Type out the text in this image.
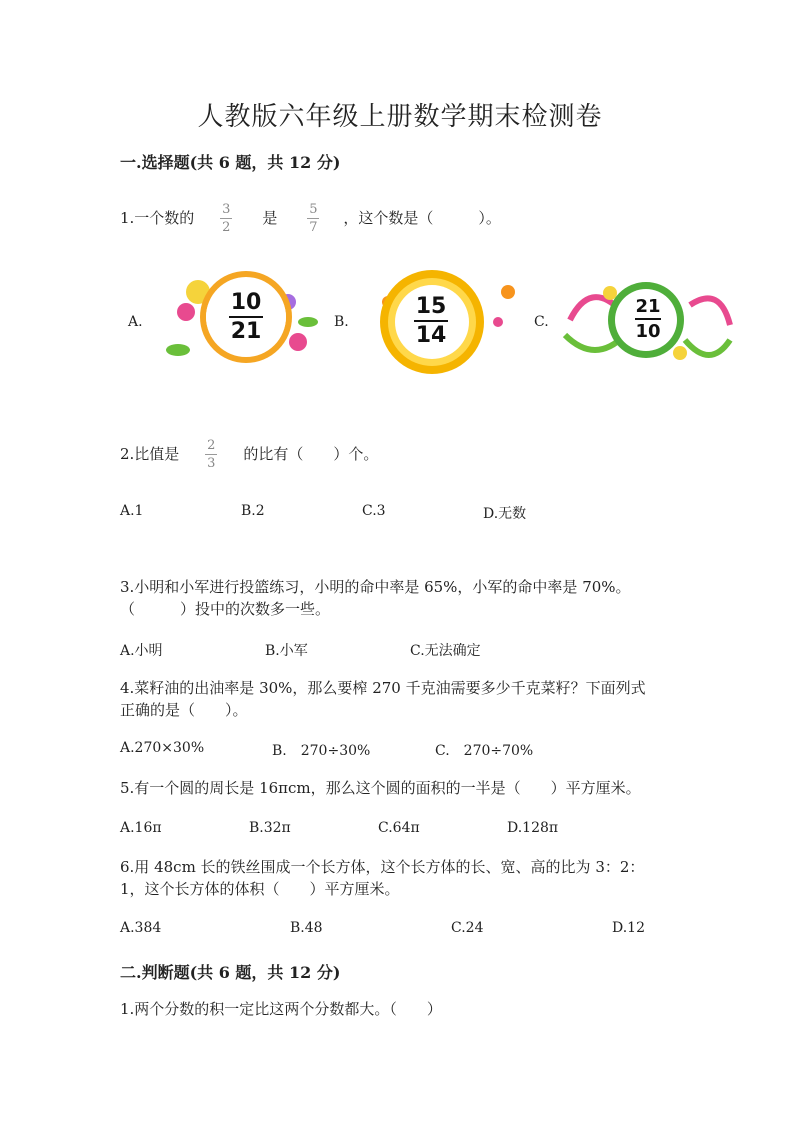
人教版六年级上册数学期末检测卷
一.选择题(共 6 题，共 12 分)
1.一个数的 $\frac{3}{2}$ 是 $\frac{5}{7}$ ，这个数是（　　　）。
A.
10
21	B.
15
14
C.
21
10
2.比值是 $\frac{2}{3}$ 的比有（　　）个。
A.1	B.2	C.3	D.无数
3.小明和小军进行投篮练习，小明的命中率是 65%，小军的命中率是 70%。
（　　　）投中的次数多一些。
A.小明	B.小军	C.无法确定
4.菜籽油的出油率是 30%，那么要榨 270 千克油需要多少千克菜籽？下面列式
正确的是（　　）。
A.270×30%	B.　270÷30%	C.　270÷70%
5.有一个圆的周长是 16πcm，那么这个圆的面积的一半是（　　）平方厘米。
A.16π	B.32π	C.64π	D.128π
6.用 48cm 长的铁丝围成一个长方体，这个长方体的长、宽、高的比为 3：2：
1，这个长方体的体积（　　）平方厘米。
A.384	B.48	C.24	D.12
二.判断题(共 6 题，共 12 分)
1.两个分数的积一定比这两个分数都大。（　　）
